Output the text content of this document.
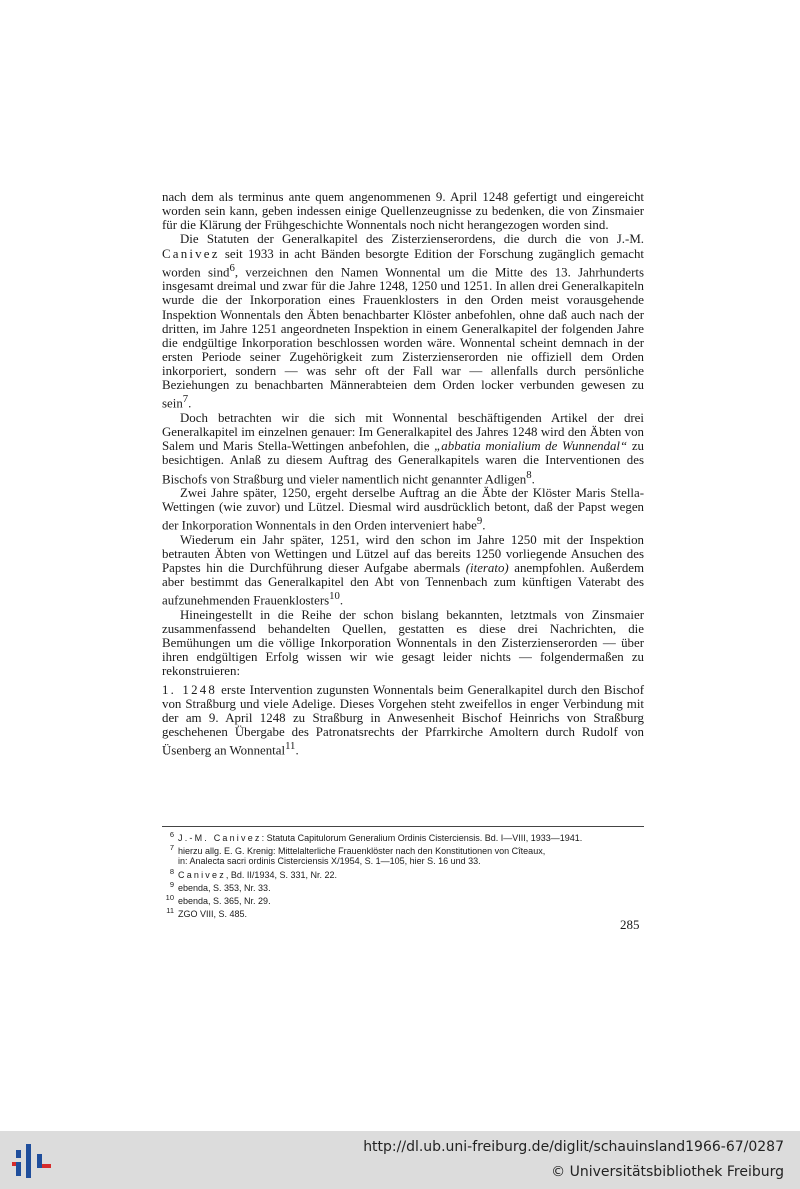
nach dem als terminus ante quem angenommenen 9. April 1248 gefertigt und eingereicht worden sein kann, geben indessen einige Quellenzeugnisse zu bedenken, die von Zinsmaier für die Klärung der Frühgeschichte Wonnentals noch nicht herangezogen worden sind.

Die Statuten der Generalkapitel des Zisterzienserordens, die durch die von J.-M. Canivez seit 1933 in acht Bänden besorgte Edition der Forschung zugänglich gemacht worden sind$^6$, verzeichnen den Namen Wonnental um die Mitte des 13. Jahrhunderts insgesamt dreimal und zwar für die Jahre 1248, 1250 und 1251. In allen drei Generalkapiteln wurde die der Inkorporation eines Frauenklosters in den Orden meist vorausgehende Inspektion Wonnentals den Äbten benachbarter Klöster anbefohlen, ohne daß auch nach der dritten, im Jahre 1251 angeordneten Inspektion in einem Generalkapitel der folgenden Jahre die endgültige Inkorporation beschlossen worden wäre. Wonnental scheint demnach in der ersten Periode seiner Zugehörigkeit zum Zisterzienserorden nie offiziell dem Orden inkorporiert, sondern — was sehr oft der Fall war — allenfalls durch persönliche Beziehungen zu benachbarten Männerabteien dem Orden locker verbunden gewesen zu sein$^7$.

Doch betrachten wir die sich mit Wonnental beschäftigenden Artikel der drei Generalkapitel im einzelnen genauer: Im Generalkapitel des Jahres 1248 wird den Äbten von Salem und Maris Stella-Wettingen anbefohlen, die „abbatia monialium de Wunnendal“ zu besichtigen. Anlaß zu diesem Auftrag des Generalkapitels waren die Interventionen des Bischofs von Straßburg und vieler namentlich nicht genannter Adligen$^8$.

Zwei Jahre später, 1250, ergeht derselbe Auftrag an die Äbte der Klöster Maris Stella-Wettingen (wie zuvor) und Lützel. Diesmal wird ausdrücklich betont, daß der Papst wegen der Inkorporation Wonnentals in den Orden interveniert habe$^9$.

Wiederum ein Jahr später, 1251, wird den schon im Jahre 1250 mit der Inspektion betrauten Äbten von Wettingen und Lützel auf das bereits 1250 vorliegende Ansuchen des Papstes hin die Durchführung dieser Aufgabe abermals (iterato) anempfohlen. Außerdem aber bestimmt das Generalkapitel den Abt von Tennenbach zum künftigen Vaterabt des aufzunehmenden Frauenklosters$^{10}$.

Hineingestellt in die Reihe der schon bislang bekannten, letztmals von Zinsmaier zusammenfassend behandelten Quellen, gestatten es diese drei Nachrichten, die Bemühungen um die völlige Inkorporation Wonnentals in den Zisterzienserorden — über ihren endgültigen Erfolg wissen wir wie gesagt leider nichts — folgendermaßen zu rekonstruieren:

1. 1248 erste Intervention zugunsten Wonnentals beim Generalkapitel durch den Bischof von Straßburg und viele Adelige. Dieses Vorgehen steht zweifellos in enger Verbindung mit der am 9. April 1248 zu Straßburg in Anwesenheit Bischof Heinrichs von Straßburg geschehenen Übergabe des Patronatsrechts der Pfarrkirche Amoltern durch Rudolf von Üsenberg an Wonnental$^{11}$.

$^6$ J.-M. Canivez: Statuta Capitulorum Generalium Ordinis Cisterciensis. Bd. I—VIII, 1933—1941.
$^7$ hierzu allg. E. G. Krenig: Mittelalterliche Frauenklöster nach den Konstitutionen von Cîteaux,
in: Analecta sacri ordinis Cisterciensis X/1954, S. 1—105, hier S. 16 und 33.
$^8$ Canivez, Bd. II/1934, S. 331, Nr. 22.
$^9$ ebenda, S. 353, Nr. 33.
$^{10}$ ebenda, S. 365, Nr. 29.
$^{11}$ ZGO VIII, S. 485.
285
http://dl.ub.uni-freiburg.de/diglit/schauinsland1966-67/0287
© Universitätsbibliothek Freiburg
